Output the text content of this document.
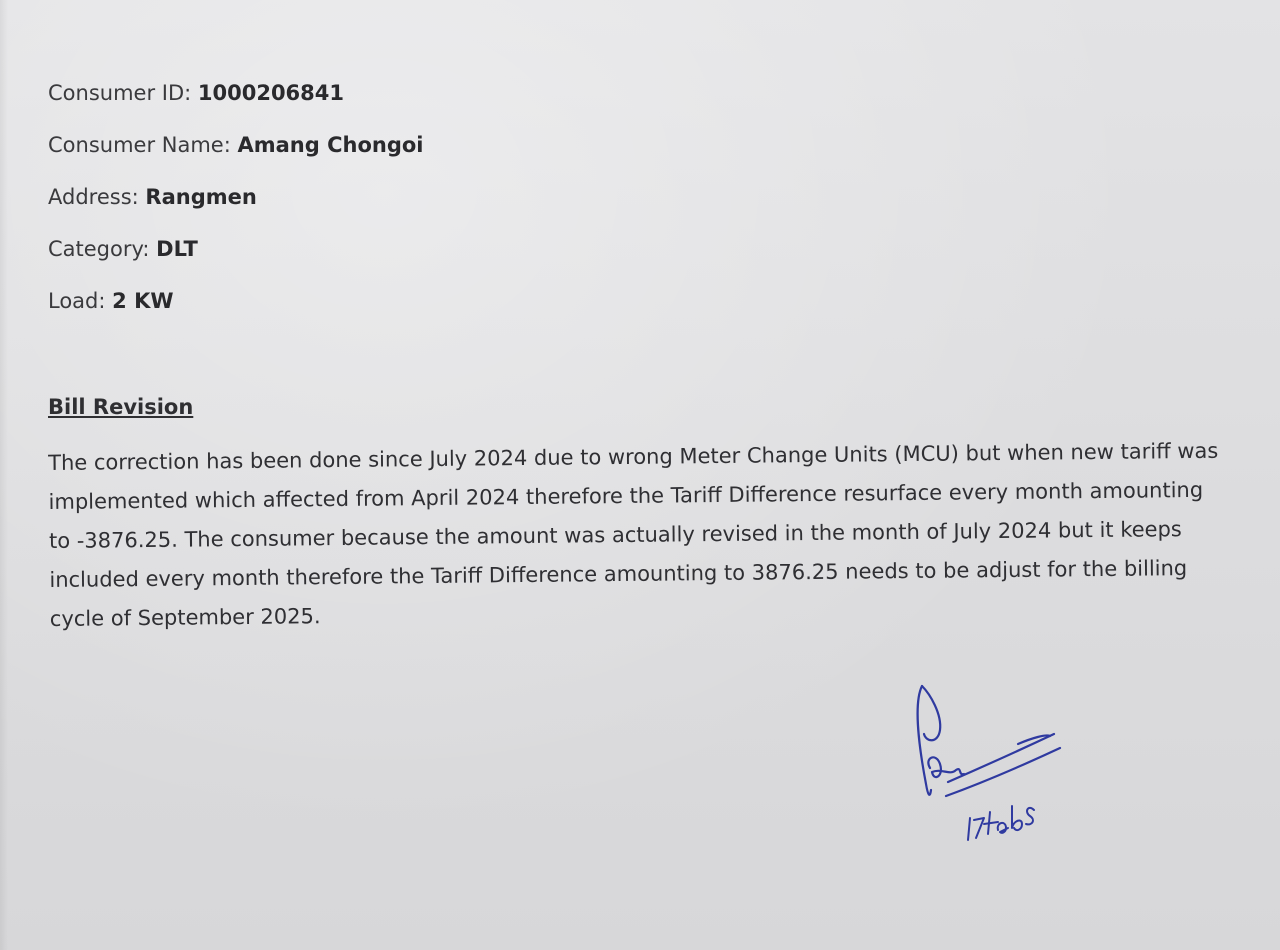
Consumer ID: 1000206841
Consumer Name: Amang Chongoi
Address: Rangmen
Category: DLT
Load: 2 KW
Bill Revision

The correction has been done since July 2024 due to wrong Meter Change Units (MCU) but when new tariff was implemented which affected from April 2024 therefore the Tariff Difference resurface every month amounting to -3876.25. The consumer because the amount was actually revised in the month of July 2024 but it keeps included every month therefore the Tariff Difference amounting to 3876.25 needs to be adjust for the billing cycle of September 2025.
